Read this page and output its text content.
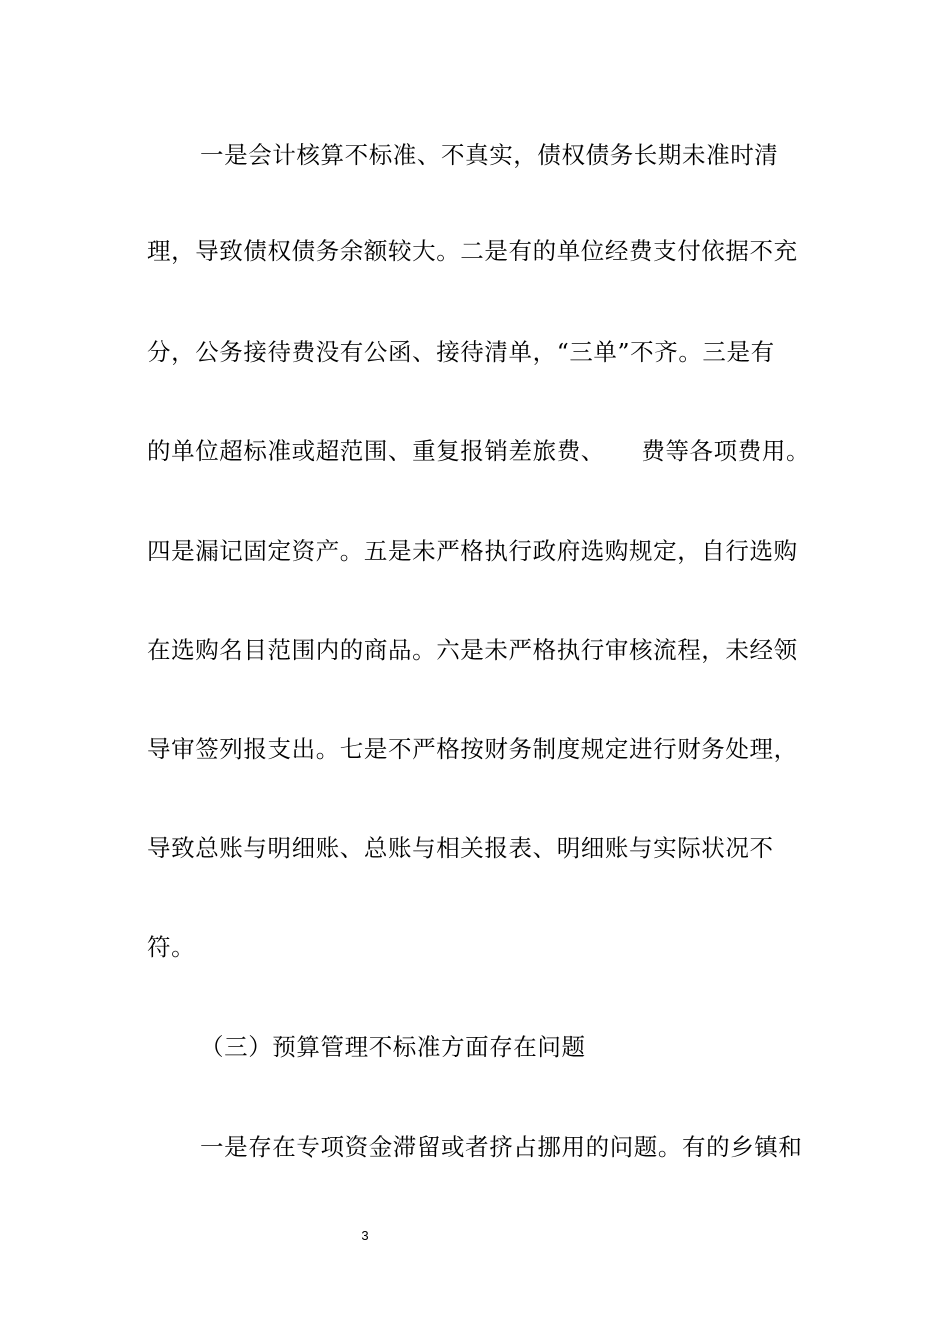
一是会计核算不标准、不真实，债权债务长期未准时清
理，导致债权债务余额较大。二是有的单位经费支付依据不充
分，公务接待费没有公函、接待清单，“三单”不齐。三是有
的单位超标准或超范围、重复报销差旅费、　　费等各项费用。
四是漏记固定资产。五是未严格执行政府选购规定，自行选购
在选购名目范围内的商品。六是未严格执行审核流程，未经领
导审签列报支出。七是不严格按财务制度规定进行财务处理，
导致总账与明细账、总账与相关报表、明细账与实际状况不
符。
（三）预算管理不标准方面存在问题
一是存在专项资金滞留或者挤占挪用的问题。有的乡镇和
3
